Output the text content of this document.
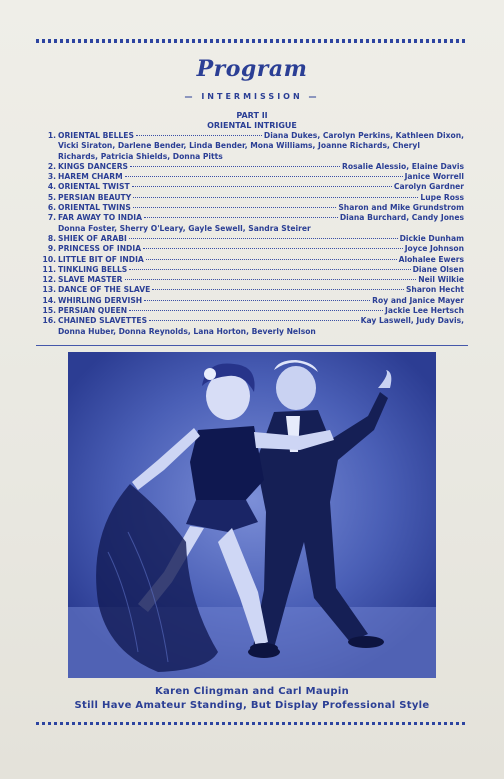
Program
— INTERMISSION —
PART II
ORIENTAL INTRIGUE
1. ORIENTAL BELLES	Diana Dukes, Carolyn Perkins, Kathleen Dixon,
Vicki Siraton, Darlene Bender, Linda Bender, Mona Williams, Joanne Richards, Cheryl
Richards, Patricia Shields, Donna Pitts
2. KINGS DANCERS	Rosalie Alessio, Elaine Davis
3. HAREM CHARM	Janice Worrell
4. ORIENTAL TWIST	Carolyn Gardner
5. PERSIAN BEAUTY	Lupe Ross
6. ORIENTAL TWINS	Sharon and Mike Grundstrom
7. FAR AWAY TO INDIA	Diana Burchard, Candy Jones
Donna Foster, Sherry O'Leary, Gayle Sewell, Sandra Steirer
8. SHIEK OF ARABI	Dickie Dunham
9. PRINCESS OF INDIA	Joyce Johnson
10. LITTLE BIT OF INDIA	Alohalee Ewers
11. TINKLING BELLS	Diane Olsen
12. SLAVE MASTER	Neil Wilkie
13. DANCE OF THE SLAVE	Sharon Hecht
14. WHIRLING DERVISH	Roy and Janice Mayer
15. PERSIAN QUEEN	Jackie Lee Hertsch
16. CHAINED SLAVETTES	Kay Laswell, Judy Davis,
Donna Huber, Donna Reynolds, Lana Horton, Beverly Nelson
Karen Clingman and Carl Maupin
Still Have Amateur Standing, But Display Professional Style
